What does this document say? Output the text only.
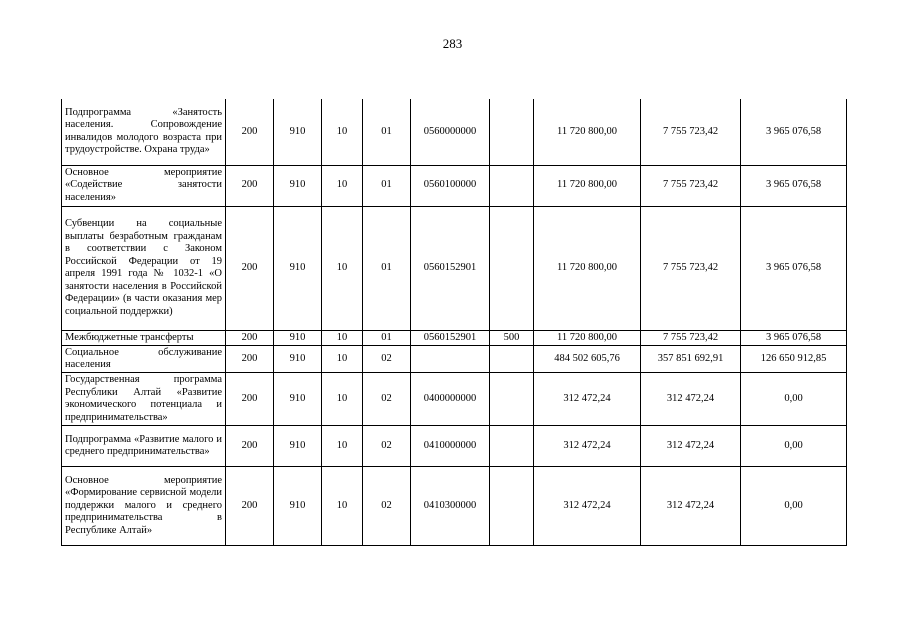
283
Подпрограмма «Занятость населения. Сопровождение инвалидов молодого возраста при трудоустройстве. Охрана труда»	200	910	10	01	0560000000		11 720 800,00	7 755 723,42	3 965 076,58
Основное мероприятие «Содействие занятости населения»	200	910	10	01	0560100000		11 720 800,00	7 755 723,42	3 965 076,58
Субвенции на социальные выплаты безработным гражданам в соответствии с Законом Российской Федерации от 19 апреля 1991 года № 1032-1 «О занятости населения в Российской Федерации» (в части оказания мер социальной поддержки)	200	910	10	01	0560152901		11 720 800,00	7 755 723,42	3 965 076,58
Межбюджетные трансферты	200	910	10	01	0560152901	500	11 720 800,00	7 755 723,42	3 965 076,58
Социальное обслуживание населения	200	910	10	02			484 502 605,76	357 851 692,91	126 650 912,85
Государственная программа Республики Алтай «Развитие экономического потенциала и предпринимательства»	200	910	10	02	0400000000		312 472,24	312 472,24	0,00
Подпрограмма «Развитие малого и среднего предпринимательства»	200	910	10	02	0410000000		312 472,24	312 472,24	0,00
Основное мероприятие «Формирование сервисной модели поддержки малого и среднего предпринимательства в Республике Алтай»	200	910	10	02	0410300000		312 472,24	312 472,24	0,00
